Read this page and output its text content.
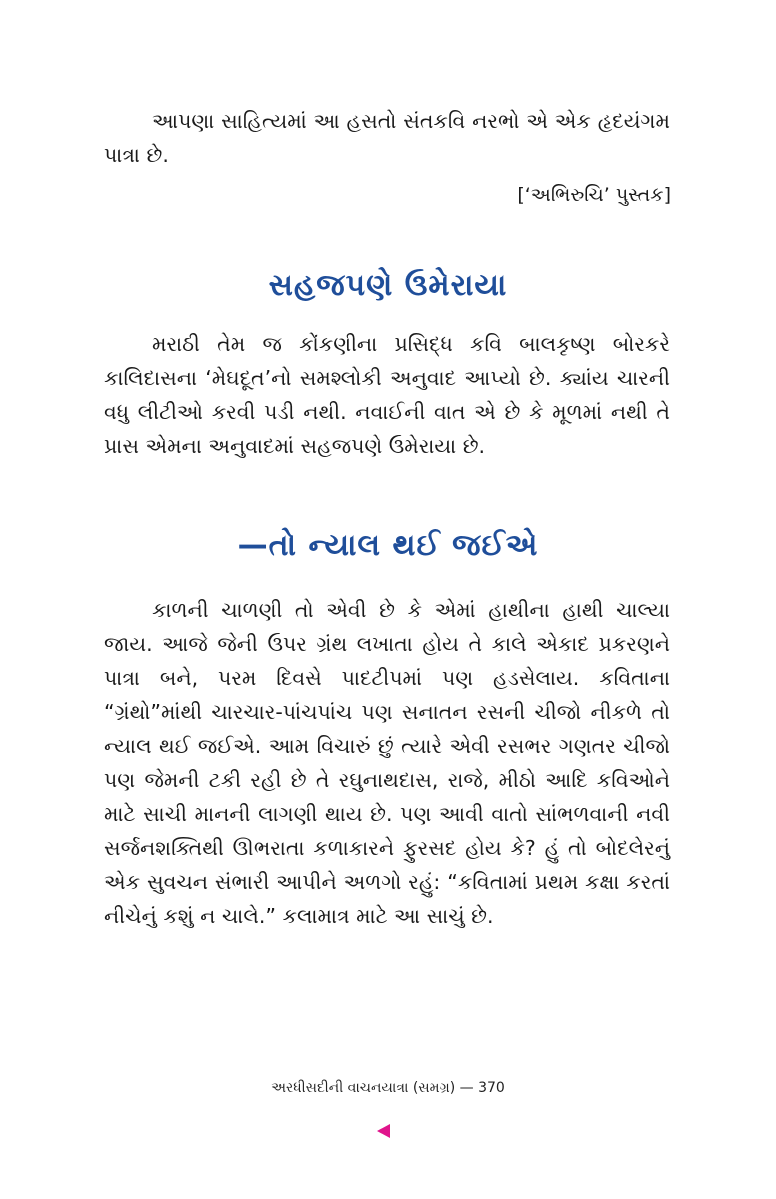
આપણા સાહિત્યમાં આ હસતો સંતકવિ નરભો એ એક હૃદયંગમ પાત્રા છે.

[‘અભિરુચિ’ પુસ્તક]

સહજપણે ઉમેરાયા

મરાઠી તેમ જ કોંકણીના પ્રસિદ્ધ કવિ બાલકૃષ્ણ બોરકરે કાલિદાસના ‘મેઘદૂત’નો સમશ્લોકી અનુવાદ આપ્યો છે. ક્યાંય ચારની વધુ લીટીઓ કરવી પડી નથી. નવાઈની વાત એ છે કે મૂળમાં નથી તે પ્રાસ એમના અનુવાદમાં સહજપણે ઉમેરાયા છે.

—તો ન્યાલ થઈ જઈએ

કાળની ચાળણી તો એવી છે કે એમાં હાથીના હાથી ચાલ્યા જાય. આજે જેની ઉપર ગ્રંથ લખાતા હોય તે કાલે એકાદ પ્રકરણને પાત્રા બને, પરમ દિવસે પાદટીપમાં પણ હડસેલાય. કવિતાના “ગ્રંથો”માંથી ચારચાર-પાંચપાંચ પણ સનાતન રસની ચીજો નીકળે તો ન્યાલ થઈ જઈએ. આમ વિચારું છું ત્યારે એવી રસભર ગણતર ચીજો પણ જેમની ટકી રહી છે તે રઘુનાથદાસ, રાજે, મીઠો આદિ કવિઓને માટે સાચી માનની લાગણી થાય છે. પણ આવી વાતો સાંભળવાની નવી સર્જનશક્તિથી ઊભરાતા કળાકારને ફુરસદ હોય કે? હું તો બોદલેરનું એક સુવચન સંભારી આપીને અળગો રહું: “કવિતામાં પ્રથમ કક્ષા કરતાં નીચેનું કશું ન ચાલે.” કલામાત્ર માટે આ સાચું છે.

અરધીસદીની વાચનયાત્રા (સમગ્ર) — 370
